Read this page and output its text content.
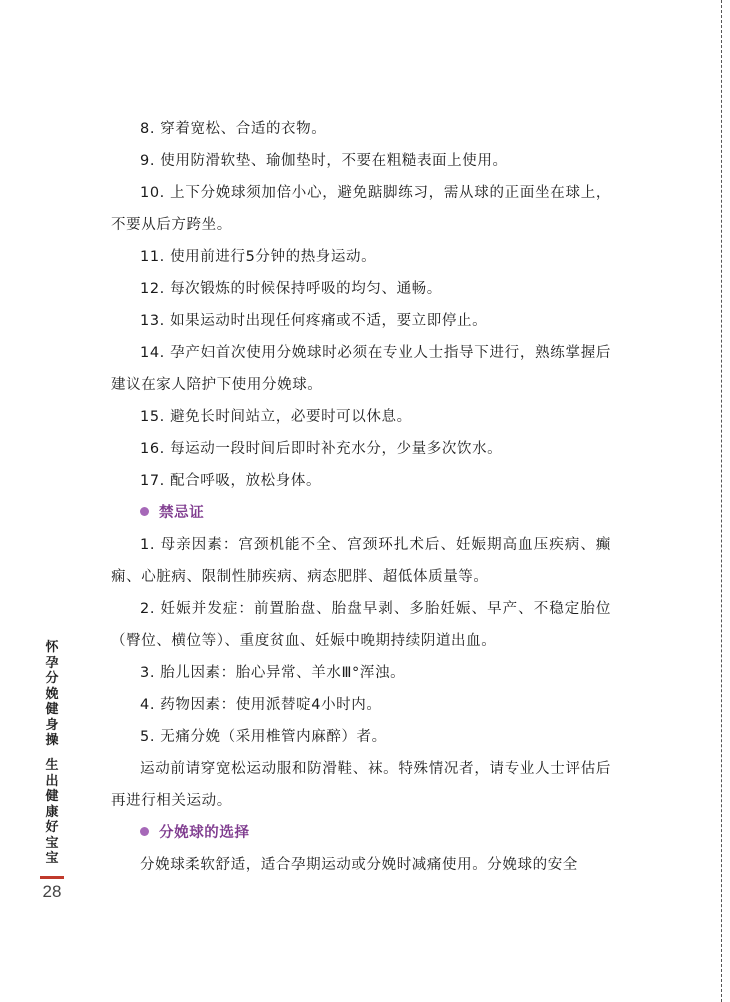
8. 穿着宽松、合适的衣物。

9. 使用防滑软垫、瑜伽垫时，不要在粗糙表面上使用。

10. 上下分娩球须加倍小心，避免踮脚练习，需从球的正面坐在球上，不要从后方跨坐。

11. 使用前进行5分钟的热身运动。

12. 每次锻炼的时候保持呼吸的均匀、通畅。

13. 如果运动时出现任何疼痛或不适，要立即停止。

14. 孕产妇首次使用分娩球时必须在专业人士指导下进行，熟练掌握后建议在家人陪护下使用分娩球。

15. 避免长时间站立，必要时可以休息。

16. 每运动一段时间后即时补充水分，少量多次饮水。

17. 配合呼吸，放松身体。

禁忌证

1. 母亲因素：宫颈机能不全、宫颈环扎术后、妊娠期高血压疾病、癫痫、心脏病、限制性肺疾病、病态肥胖、超低体质量等。

2. 妊娠并发症：前置胎盘、胎盘早剥、多胎妊娠、早产、不稳定胎位（臀位、横位等）、重度贫血、妊娠中晚期持续阴道出血。

3. 胎儿因素：胎心异常、羊水Ⅲ°浑浊。

4. 药物因素：使用派替啶4小时内。

5. 无痛分娩（采用椎管内麻醉）者。

运动前请穿宽松运动服和防滑鞋、袜。特殊情况者，请专业人士评估后再进行相关运动。

分娩球的选择

分娩球柔软舒适，适合孕期运动或分娩时减痛使用。分娩球的安全

怀孕分娩健身操
生出健康好宝宝
28
